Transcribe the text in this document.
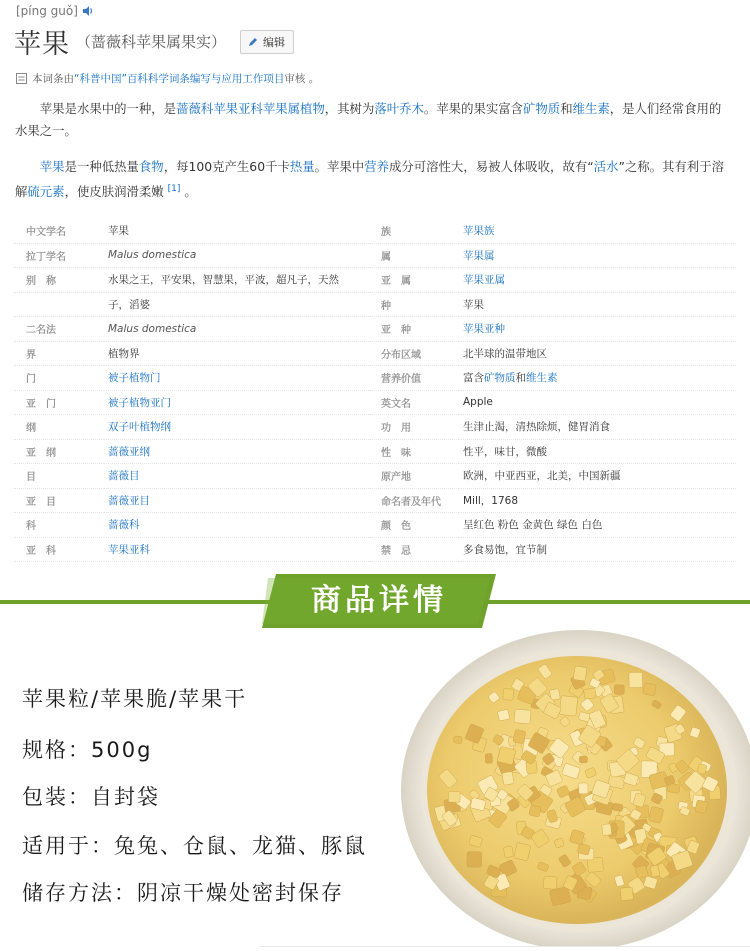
[píng guǒ]
苹果 （蔷薇科苹果属果实）	编辑
本词条由 “科普中国”百科科学词条编写与应用工作项目 审核 。

苹果是水果中的一种，是蔷薇科苹果亚科苹果属植物，其树为落叶乔木。苹果的果实富含矿物质和维生素，是人们经常食用的水果之一。

苹果是一种低热量食物，每100克产生60千卡热量。苹果中营养成分可溶性大，易被人体吸收，故有“活水”之称。其有利于溶解硫元素，使皮肤润滑柔嫩 [1] 。

中文学名	苹果	族	苹果族
拉丁学名	Malus domestica	属	苹果属
别　称	水果之王，平安果，智慧果，平波，超凡子，天然	亚　属	苹果亚属
	子，滔婆	种	苹果
二名法	Malus domestica	亚　种	苹果亚种
界	植物界	分布区域	北半球的温带地区
门	被子植物门	营养价值	富含矿物质和维生素
亚　门	被子植物亚门	英文名	Apple
纲	双子叶植物纲	功　用	生津止渴，清热除烦，健胃消食
亚　纲	蔷薇亚纲	性　味	性平，味甘，微酸
目	蔷薇目	原产地	欧洲，中亚西亚，北美，中国新疆
亚　目	蔷薇亚目	命名者及年代	Mill，1768
科	蔷薇科	颜　色	呈红色 粉色 金黄色 绿色 白色
亚　科	苹果亚科	禁　忌	多食易饱，宜节制
商品详情
苹果粒/苹果脆/苹果干
规格：500g
包装：自封袋
适用于：兔兔、仓鼠、龙猫、豚鼠
储存方法：阴凉干燥处密封保存
